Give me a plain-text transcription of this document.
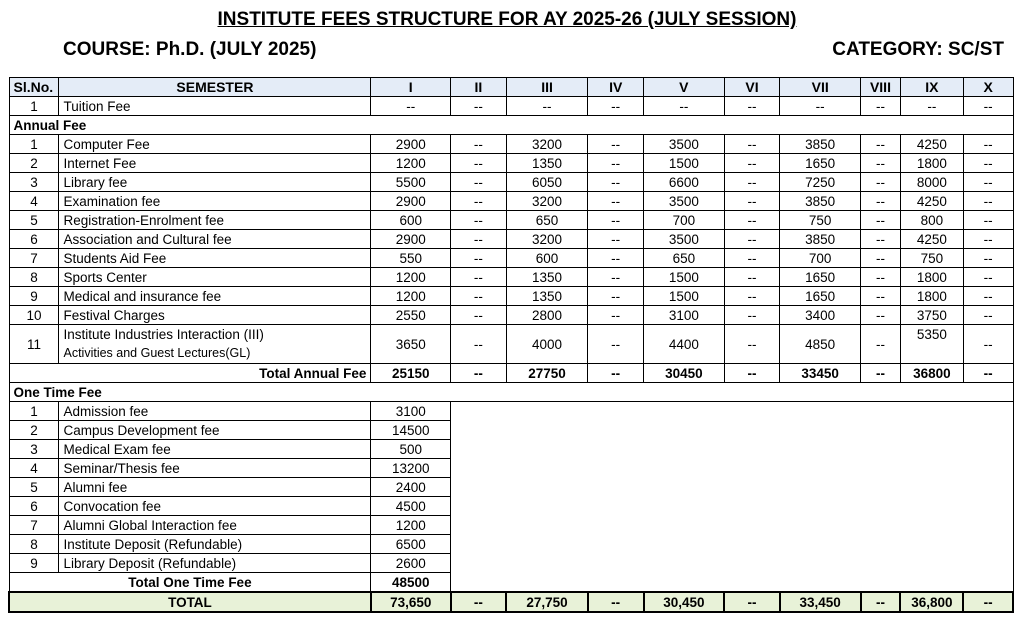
INSTITUTE FEES STRUCTURE FOR AY 2025-26 (JULY SESSION)
COURSE: Ph.D. (JULY 2025)	CATEGORY: SC/ST
Sl.No.	SEMESTER	I	II	III	IV	V	VI	VII	VIII	IX	X
1	Tuition Fee	--	--	--	--	--	--	--	--	--	--
Annual Fee											
1	Computer Fee	2900	--	3200	--	3500	--	3850	--	4250	--
2	Internet Fee	1200	--	1350	--	1500	--	1650	--	1800	--
3	Library fee	5500	--	6050	--	6600	--	7250	--	8000	--
4	Examination fee	2900	--	3200	--	3500	--	3850	--	4250	--
5	Registration-Enrolment fee	600	--	650	--	700	--	750	--	800	--
6	Association and Cultural fee	2900	--	3200	--	3500	--	3850	--	4250	--
7	Students Aid Fee	550	--	600	--	650	--	700	--	750	--
8	Sports Center	1200	--	1350	--	1500	--	1650	--	1800	--
9	Medical and insurance fee	1200	--	1350	--	1500	--	1650	--	1800	--
10	Festival Charges	2550	--	2800	--	3100	--	3400	--	3750	--
11	Institute Industries Interaction (III)
Activities and Guest Lectures(GL)	3650	--	4000	--	4400	--	4850	--	5350	--
Total Annual Fee		25150	--	27750	--	30450	--	33450	--	36800	--
One Time Fee											
1	Admission fee	3100									
2	Campus Development fee	14500									
3	Medical Exam fee	500									
4	Seminar/Thesis fee	13200									
5	Alumni fee	2400									
6	Convocation fee	4500									
7	Alumni Global Interaction fee	1200									
8	Institute Deposit (Refundable)	6500									
9	Library Deposit (Refundable)	2600									
Total One Time Fee		48500									
TOTAL		73,650	--	27,750	--	30,450	--	33,450	--	36,800	--
